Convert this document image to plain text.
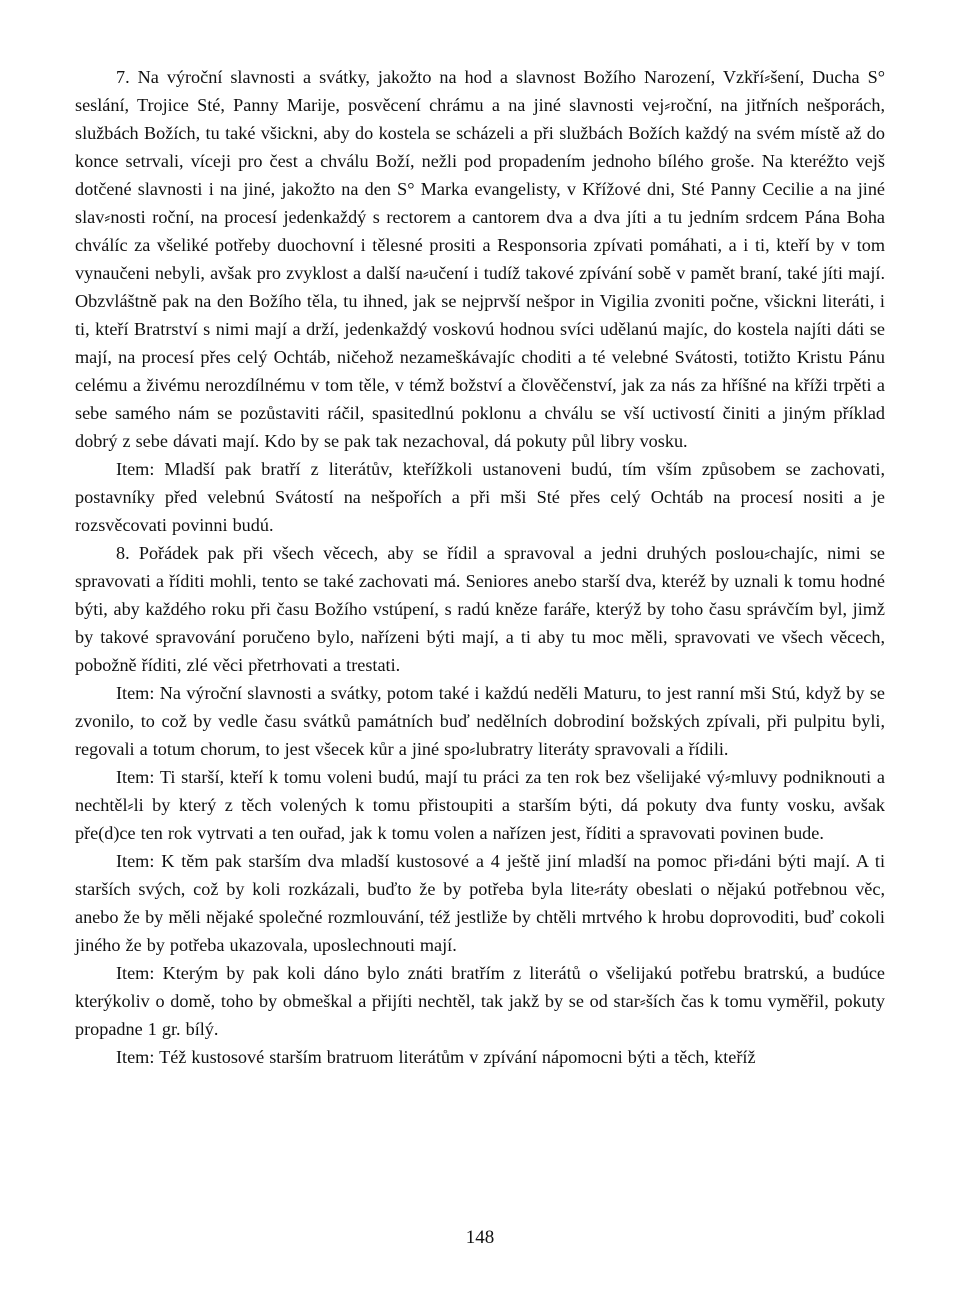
7. Na výroční slavnosti a svátky, jakožto na hod a slavnost Božího Narození, Vzkří⸗šení, Ducha S° seslání, Trojice Sté, Panny Marije, posvěcení chrámu a na jiné slavnosti vej⸗roční, na jitřních nešporách, službách Božích, tu také všickni, aby do kostela se scházeli a při službách Božích každý na svém místě až do konce setrvali, víceji pro čest a chválu Boží, nežli pod propadením jednoho bílého groše. Na kteréžto vejš dotčené slavnosti i na jiné, jakožto na den S° Marka evangelisty, v Křížové dni, Sté Panny Cecilie a na jiné slav⸗nosti roční, na procesí jedenkaždý s rectorem a cantorem dva a dva jíti a tu jedním srdcem Pána Boha chválíc za všeliké potřeby duochovní i tělesné prositi a Responsoria zpívati pomáhati, a i ti, kteří by v tom vynaučeni nebyli, avšak pro zvyklost a další na⸗učení i tudíž takové zpívání sobě v pamět braní, také jíti mají. Obzvláštně pak na den Božího těla, tu ihned, jak se nejprvší nešpor in Vigilia zvoniti počne, všickni literáti, i ti, kteří Bratrství s nimi mají a drží, jedenkaždý voskovú hodnou svíci udělanú majíc, do kostela najíti dáti se mají, na procesí přes celý Ochtáb, ničehož nezameškávajíc choditi a té velebné Svátosti, totižto Kristu Pánu celému a živému nerozdílnému v tom těle, v témž božství a člověčenství, jak za nás za hříšné na kříži trpěti a sebe samého nám se pozůstaviti ráčil, spasitedlnú poklonu a chválu se vší uctivostí činiti a jiným příklad dobrý z sebe dávati mají. Kdo by se pak tak nezachoval, dá pokuty půl libry vosku.

Item: Mladší pak bratří z literátův, kteřížkoli ustanoveni budú, tím vším způsobem se zachovati, postavníky před velebnú Svátostí na nešpořích a při mši Sté přes celý Ochtáb na procesí nositi a je rozsvěcovati povinni budú.

8. Pořádek pak při všech věcech, aby se řídil a spravoval a jedni druhých poslou⸗chajíc, nimi se spravovati a říditi mohli, tento se také zachovati má. Seniores anebo starší dva, kteréž by uznali k tomu hodné býti, aby každého roku při času Božího vstúpení, s radú kněze faráře, kterýž by toho času správčím byl, jimž by takové spravování poručeno bylo, nařízeni býti mají, a ti aby tu moc měli, spravovati ve všech věcech, pobožně říditi, zlé věci přetrhovati a trestati.

Item: Na výroční slavnosti a svátky, potom také i každú neděli Maturu, to jest ranní mši Stú, když by se zvonilo, to což by vedle času svátků památních buď nedělních dobrodiní božských zpívali, při pulpitu byli, regovali a totum chorum, to jest všecek kůr a jiné spo⸗lubratry literáty spravovali a řídili.

Item: Ti starší, kteří k tomu voleni budú, mají tu práci za ten rok bez všelijaké vý⸗mluvy podniknouti a nechtěl⸗li by který z těch volených k tomu přistoupiti a starším býti, dá pokuty dva funty vosku, avšak pře(d)ce ten rok vytrvati a ten ouřad, jak k tomu volen a nařízen jest, říditi a spravovati povinen bude.

Item: K těm pak starším dva mladší kustosové a 4 ještě jiní mladší na pomoc při⸗dáni býti mají. A ti starších svých, což by koli rozkázali, buďto že by potřeba byla lite⸗ráty obeslati o nějakú potřebnou věc, anebo že by měli nějaké společné rozmlouvání, též jestliže by chtěli mrtvého k hrobu doprovoditi, buď cokoli jiného že by potřeba ukazovala, uposlechnouti mají.

Item: Kterým by pak koli dáno bylo znáti bratřím z literátů o všelijakú potřebu bratrskú, a budúce kterýkoliv o domě, toho by obmeškal a přijíti nechtěl, tak jakž by se od star⸗ších čas k tomu vyměřil, pokuty propadne 1 gr. bílý.

Item: Též kustosové starším bratruom literátům v zpívání nápomocni býti a těch, kteříž

148
